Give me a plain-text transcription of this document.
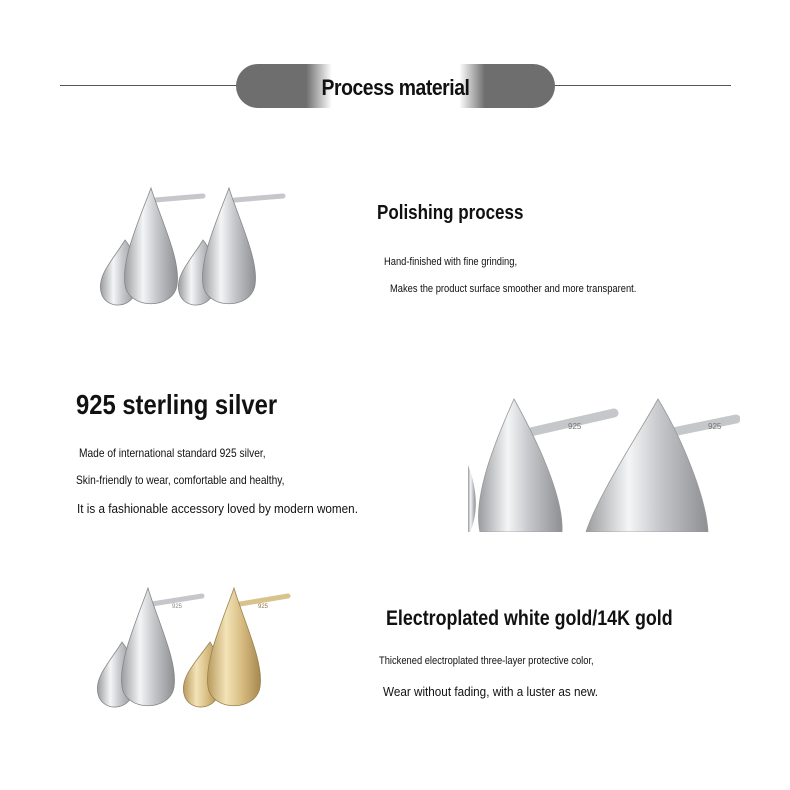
Process material
Polishing process
Hand-finished with fine grinding,
Makes the product surface smoother and more transparent.
925 sterling silver
Made of international standard 925 silver,
Skin-friendly to wear, comfortable and healthy,
It is a fashionable accessory loved by modern women.
925	925
925	925	Electroplated white gold/14K gold
Thickened electroplated three-layer protective color,
Wear without fading, with a luster as new.
